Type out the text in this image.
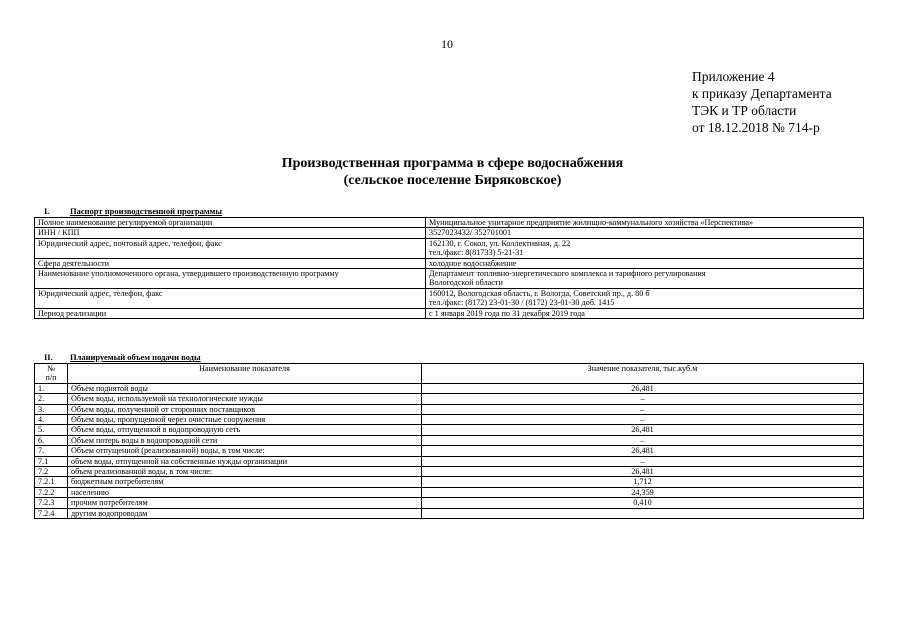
10
Приложение 4
к приказу Департамента
ТЭК и ТР области
от 18.12.2018 № 714-р
Производственная программа в сфере водоснабжения
(сельское поселение Биряковское)
I. Паспорт производственной программы
Полное наименование регулируемой организации	Муниципальное унитарное предприятие жилищно-коммунального хозяйства «Перспектива»

ИНН / КПП	3527023432/ 352701001

Юридический адрес, почтовый адрес, телефон, факс	162130, г. Сокол, ул. Коллективная, д. 22
тел./факс: 8(81733) 5-21-31

Сфера деятельности	холодное водоснабжение

Наименование уполномоченного органа, утвердившего производственную программу	Департамент топливно-энергетического комплекса и тарифного регулирования
Вологодской области

Юридический адрес, телефон, факс	160012, Вологодская область, г. Вологда, Советский пр., д. 80 б
тел./факс: (8172) 23-01-30 / (8172) 23-01-30 доб. 1415

Период реализации	с 1 января 2019 года по 31 декабря 2019 года
II. Планируемый объем подачи воды
№
п/п	Наименование показателя	Значение показателя, тыс.куб.м
1.	Объем поднятой воды	26,481
2.	Объем воды, используемой на технологические нужды	–
3.	Объем воды, полученной от сторонних поставщиков	–
4.	Объем воды, пропущенной через очистные сооружения	–
5.	Объем воды, отпущенной в водопроводную сеть	26,481
6.	Объем потерь воды в водопроводной сети	–
7.	Объем отпущенной (реализованной) воды, в том числе:	26,481
7.1	объем воды, отпущенной на собственные нужды организации	–
7.2	объем реализованной воды, в том числе:	26,481
7.2.1	бюджетным потребителям	1,712
7.2.2	населению	24,359
7.2.3	прочим потребителям	0,410
7.2.4	другим водопроводам	
